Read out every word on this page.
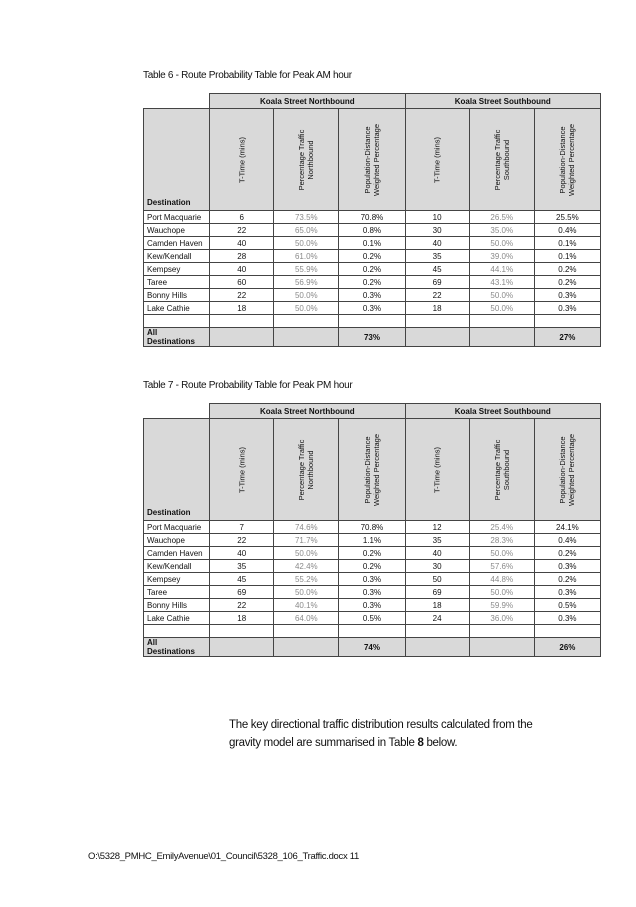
Table 6 - Route Probability Table for Peak AM hour
	Koala Street Northbound			Koala Street Southbound		
Destination	T-Time (mins)	Percentage Traffic Northbound	Population-Distance Weighted Percentage	T-Time (mins)	Percentage Traffic Southbound	Population-Distance Weighted Percentage

Port Macquarie	6	73.5%	70.8%	10	26.5%	25.5%
Wauchope	22	65.0%	0.8%	30	35.0%	0.4%
Camden Haven	40	50.0%	0.1%	40	50.0%	0.1%
Kew/Kendall	28	61.0%	0.2%	35	39.0%	0.1%
Kempsey	40	55.9%	0.2%	45	44.1%	0.2%
Taree	60	56.9%	0.2%	69	43.1%	0.2%
Bonny Hills	22	50.0%	0.3%	22	50.0%	0.3%
Lake Cathie	18	50.0%	0.3%	18	50.0%	0.3%

All Destinations			73%			27%
Table 7 - Route Probability Table for Peak PM hour
	Koala Street Northbound			Koala Street Southbound		
Destination	T-Time (mins)	Percentage Traffic Northbound	Population-Distance Weighted Percentage	T-Time (mins)	Percentage Traffic Southbound	Population-Distance Weighted Percentage

Port Macquarie	7	74.6%	70.8%	12	25.4%	24.1%
Wauchope	22	71.7%	1.1%	35	28.3%	0.4%
Camden Haven	40	50.0%	0.2%	40	50.0%	0.2%
Kew/Kendall	35	42.4%	0.2%	30	57.6%	0.3%
Kempsey	45	55.2%	0.3%	50	44.8%	0.2%
Taree	69	50.0%	0.3%	69	50.0%	0.3%
Bonny Hills	22	40.1%	0.3%	18	59.9%	0.5%
Lake Cathie	18	64.0%	0.5%	24	36.0%	0.3%

All Destinations			74%			26%
The key directional traffic distribution results calculated from the gravity model are summarised in Table 8 below.
O:\5328_PMHC_EmilyAvenue\01_Council\5328_106_Traffic.docx 11
